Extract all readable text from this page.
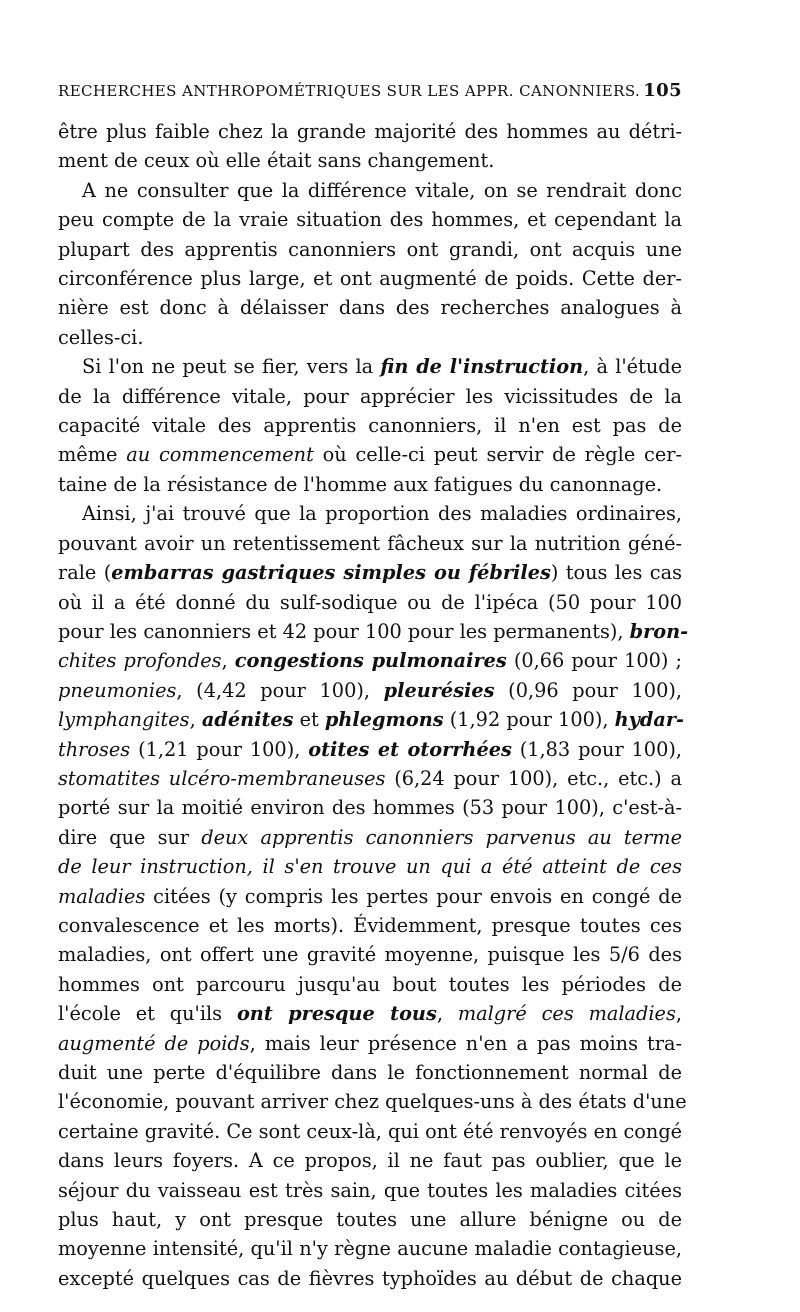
RECHERCHES ANTHROPOMÉTRIQUES SUR LES APPR. CANONNIERS. 105

être plus faible chez la grande majorité des hommes au détri-
ment de ceux où elle était sans changement.
A ne consulter que la différence vitale, on se rendrait donc
peu compte de la vraie situation des hommes, et cependant la
plupart des apprentis canonniers ont grandi, ont acquis une
circonférence plus large, et ont augmenté de poids. Cette der-
nière est donc à délaisser dans des recherches analogues à
celles-ci.
Si l'on ne peut se fier, vers la fin de l'instruction, à l'étude
de la différence vitale, pour apprécier les vicissitudes de la
capacité vitale des apprentis canonniers, il n'en est pas de
même au commencement où celle-ci peut servir de règle cer-
taine de la résistance de l'homme aux fatigues du canonnage.
Ainsi, j'ai trouvé que la proportion des maladies ordinaires,
pouvant avoir un retentissement fâcheux sur la nutrition géné-
rale (embarras gastriques simples ou fébriles) tous les cas
où il a été donné du sulf-sodique ou de l'ipéca (50 pour 100
pour les canonniers et 42 pour 100 pour les permanents), bron-
chites profondes, congestions pulmonaires (0,66 pour 100) ;
pneumonies, (4,42 pour 100), pleurésies (0,96 pour 100),
lymphangites, adénites et phlegmons (1,92 pour 100), hydar-
throses (1,21 pour 100), otites et otorrhées (1,83 pour 100),
stomatites ulcéro-membraneuses (6,24 pour 100), etc., etc.) a
porté sur la moitié environ des hommes (53 pour 100), c'est-à-
dire que sur deux apprentis canonniers parvenus au terme
de leur instruction, il s'en trouve un qui a été atteint de ces
maladies citées (y compris les pertes pour envois en congé de
convalescence et les morts). Évidemment, presque toutes ces
maladies, ont offert une gravité moyenne, puisque les 5/6 des
hommes ont parcouru jusqu'au bout toutes les périodes de
l'école et qu'ils ont presque tous, malgré ces maladies,
augmenté de poids, mais leur présence n'en a pas moins tra-
duit une perte d'équilibre dans le fonctionnement normal de
l'économie, pouvant arriver chez quelques-uns à des états d'une
certaine gravité. Ce sont ceux-là, qui ont été renvoyés en congé
dans leurs foyers. A ce propos, il ne faut pas oublier, que le
séjour du vaisseau est très sain, que toutes les maladies citées
plus haut, y ont presque toutes une allure bénigne ou de
moyenne intensité, qu'il n'y règne aucune maladie contagieuse,
excepté quelques cas de fièvres typhoïdes au début de chaque
